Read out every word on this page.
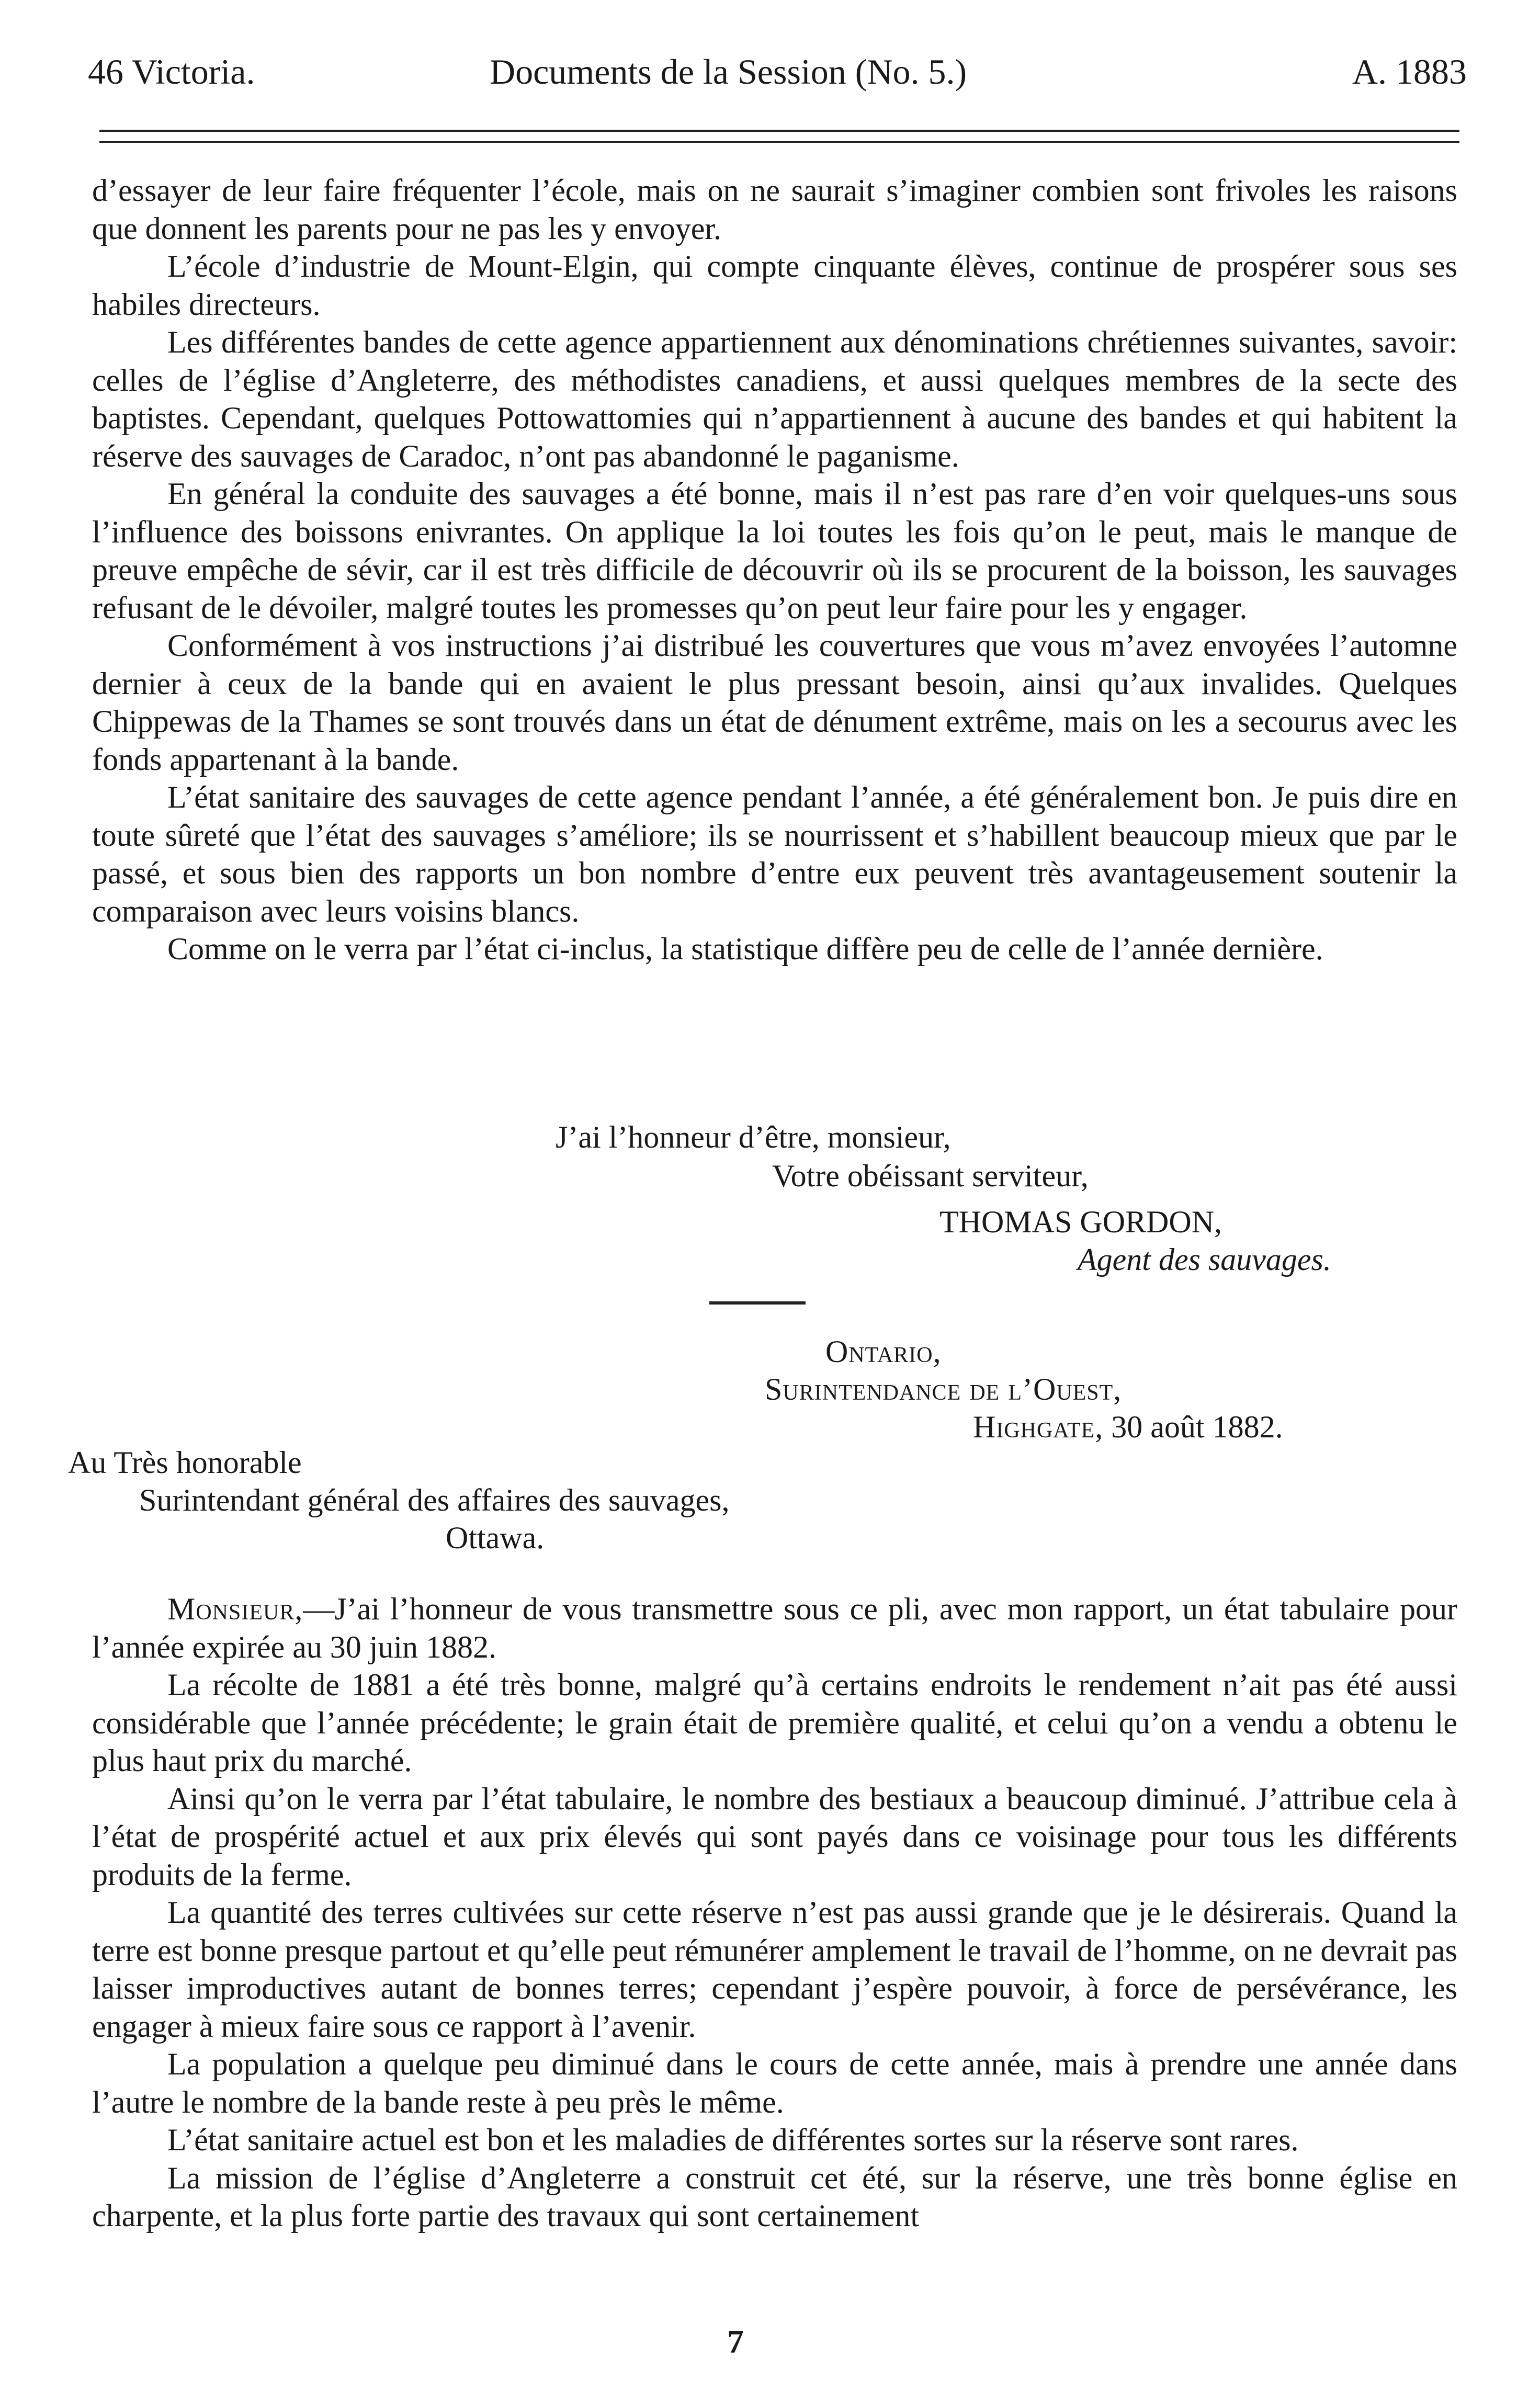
46 Victoria.	Documents de la Session (No. 5.)	A. 1883

d’essayer de leur faire fréquenter l’école, mais on ne saurait s’imaginer combien sont frivoles les raisons que donnent les parents pour ne pas les y envoyer.

L’école d’industrie de Mount-Elgin, qui compte cinquante élèves, continue de prospérer sous ses habiles directeurs.

Les différentes bandes de cette agence appartiennent aux dénominations chrétiennes suivantes, savoir: celles de l’église d’Angleterre, des méthodistes canadiens, et aussi quelques membres de la secte des baptistes. Cependant, quelques Pottowattomies qui n’appartiennent à aucune des bandes et qui habitent la réserve des sauvages de Caradoc, n’ont pas abandonné le paganisme.

En général la conduite des sauvages a été bonne, mais il n’est pas rare d’en voir quelques-uns sous l’influence des boissons enivrantes. On applique la loi toutes les fois qu’on le peut, mais le manque de preuve empêche de sévir, car il est très difficile de découvrir où ils se procurent de la boisson, les sauvages refusant de le dévoiler, malgré toutes les promesses qu’on peut leur faire pour les y engager.

Conformément à vos instructions j’ai distribué les couvertures que vous m’avez envoyées l’automne dernier à ceux de la bande qui en avaient le plus pressant besoin, ainsi qu’aux invalides. Quelques Chippewas de la Thames se sont trouvés dans un état de dénument extrême, mais on les a secourus avec les fonds appartenant à la bande.

L’état sanitaire des sauvages de cette agence pendant l’année, a été généralement bon. Je puis dire en toute sûreté que l’état des sauvages s’améliore; ils se nourrissent et s’habillent beaucoup mieux que par le passé, et sous bien des rapports un bon nombre d’entre eux peuvent très avantageusement soutenir la comparaison avec leurs voisins blancs.

Comme on le verra par l’état ci-inclus, la statistique diffère peu de celle de l’année dernière.

J’ai l’honneur d’être, monsieur,
Votre obéissant serviteur,
THOMAS GORDON,
Agent des sauvages.
Ontario,
Surintendance de l’Ouest,
Highgate, 30 août 1882.
Au Très honorable
Surintendant général des affaires des sauvages,
Ottawa.

Monsieur,—J’ai l’honneur de vous transmettre sous ce pli, avec mon rapport, un état tabulaire pour l’année expirée au 30 juin 1882.

La récolte de 1881 a été très bonne, malgré qu’à certains endroits le rendement n’ait pas été aussi considérable que l’année précédente; le grain était de première qualité, et celui qu’on a vendu a obtenu le plus haut prix du marché.

Ainsi qu’on le verra par l’état tabulaire, le nombre des bestiaux a beaucoup diminué. J’attribue cela à l’état de prospérité actuel et aux prix élevés qui sont payés dans ce voisinage pour tous les différents produits de la ferme.

La quantité des terres cultivées sur cette réserve n’est pas aussi grande que je le désirerais. Quand la terre est bonne presque partout et qu’elle peut rémunérer amplement le travail de l’homme, on ne devrait pas laisser improductives autant de bonnes terres; cependant j’espère pouvoir, à force de persévérance, les engager à mieux faire sous ce rapport à l’avenir.

La population a quelque peu diminué dans le cours de cette année, mais à prendre une année dans l’autre le nombre de la bande reste à peu près le même.

L’état sanitaire actuel est bon et les maladies de différentes sortes sur la réserve sont rares.

La mission de l’église d’Angleterre a construit cet été, sur la réserve, une très bonne église en charpente, et la plus forte partie des travaux qui sont certainement

7
